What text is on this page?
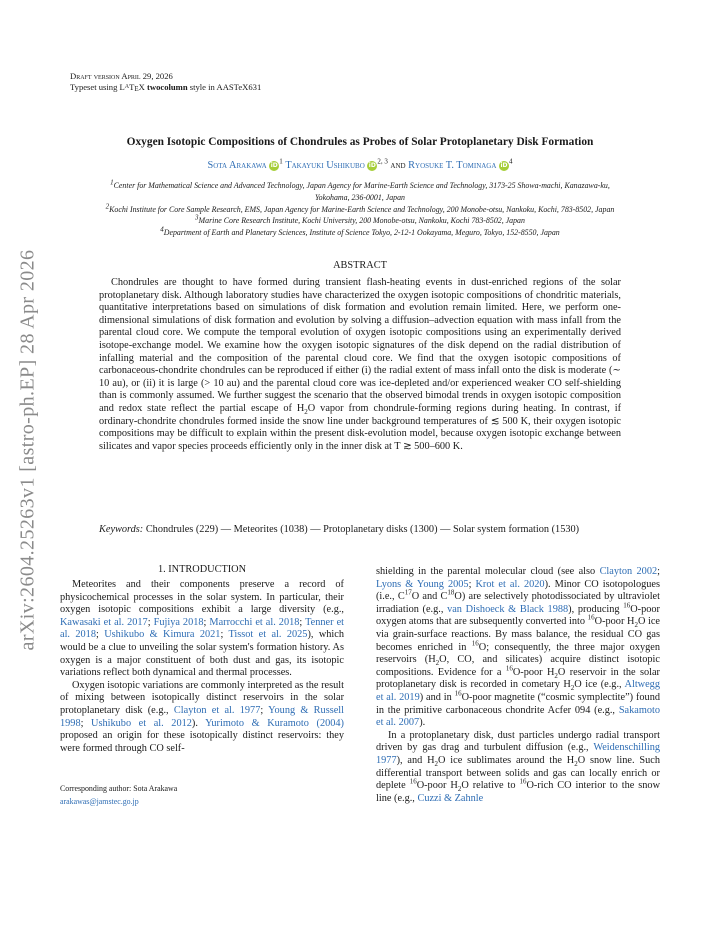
Draft version April 29, 2026
Typeset using $L^AT_EX$ twocolumn style in AASTeX631
arXiv:2604.25263v1 [astro-ph.EP] 28 Apr 2026
Oxygen Isotopic Compositions of Chondrules as Probes of Solar Protoplanetary Disk Formation
Sota Arakawa $iD^1$ Takayuki Ushikubo iD$^{2, 3}$ and Ryosuke T. Tominaga $iD^4$
$^1$Center for Mathematical Science and Advanced Technology, Japan Agency for Marine-Earth Science and Technology, 3173-25 Showa-machi, Kanazawa-ku,
Yokohama, 236-0001, Japan
$^2$Kochi Institute for Core Sample Research, EMS, Japan Agency for Marine-Earth Science and Technology, 200 Monobe-otsu, Nankoku, Kochi, 783-8502, Japan
$^3$Marine Core Research Institute, Kochi University, 200 Monobe-otsu, Nankoku, Kochi 783-8502, Japan
$^4$Department of Earth and Planetary Sciences, Institute of Science Tokyo, 2-12-1 Ookayama, Meguro, Tokyo, 152-8550, Japan
ABSTRACT
Chondrules are thought to have formed during transient flash-heating events in dust-enriched regions of the solar protoplanetary disk. Although laboratory studies have characterized the oxygen isotopic compositions of chondritic materials, quantitative interpretations based on simulations of disk formation and evolution remain limited. Here, we perform one-dimensional simulations of disk formation and evolution by solving a diffusion–advection equation with mass infall from the parental cloud core. We compute the temporal evolution of oxygen isotopic compositions using an experimentally derived isotope-exchange model. We examine how the oxygen isotopic signatures of the disk depend on the radial distribution of infalling material and the composition of the parental cloud core. We find that the oxygen isotopic compositions of carbonaceous-chondrite chondrules can be reproduced if either (i) the radial extent of mass infall onto the disk is moderate (∼ 10 au), or (ii) it is large (> 10 au) and the parental cloud core was ice-depleted and/or experienced weaker CO self-shielding than is commonly assumed. We further suggest the scenario that the observed bimodal trends in oxygen isotopic composition and redox state reflect the partial escape of $H_2O$ vapor from chondrule-forming regions during heating. In contrast, if ordinary-chondrite chondrules formed inside the snow line under background temperatures of ≲ 500 K, their oxygen isotopic compositions may be difficult to explain within the present disk-evolution model, because oxygen isotopic exchange between silicates and vapor species proceeds efficiently only in the inner disk at T ≳ 500–600 K.
Keywords: Chondrules (229) — Meteorites (1038) — Protoplanetary disks (1300) — Solar system formation (1530)
1. INTRODUCTION
Meteorites and their components preserve a record of physicochemical processes in the solar system. In particular, their oxygen isotopic compositions exhibit a large diversity (e.g., Kawasaki et al. 2017; Fujiya 2018; Marrocchi et al. 2018; Tenner et al. 2018; Ushikubo & Kimura 2021; Tissot et al. 2025), which would be a clue to unveiling the solar system's formation history. As oxygen is a major constituent of both dust and gas, its isotopic variations reflect both dynamical and thermal processes.
Oxygen isotopic variations are commonly interpreted as the result of mixing between isotopically distinct reservoirs in the solar protoplanetary disk (e.g., Clayton et al. 1977; Young & Russell 1998; Ushikubo et al. 2012). Yurimoto & Kuramoto (2004) proposed an origin for these isotopically distinct reservoirs: they were formed through CO self-
Corresponding author: Sota Arakawa
arakawas@jamstec.go.jp
shielding in the parental molecular cloud (see also Clayton 2002; Lyons & Young 2005; Krot et al. 2020). Minor CO isotopologues (i.e., $C^{17}O$ and $C^{18}O$) are selectively photodissociated by ultraviolet irradiation (e.g., van Dishoeck & Black 1988), producing $^{16}$O-poor oxygen atoms that are subsequently converted into $^{16}$O-poor $H_2O$ ice via grain-surface reactions. By mass balance, the residual CO gas becomes enriched in $^{16}$O; consequently, the three major oxygen reservoirs ($H_2O$, CO, and silicates) acquire distinct isotopic compositions. Evidence for a $^{16}$O-poor $H_2O$ reservoir in the solar protoplanetary disk is recorded in cometary $H_2O$ ice (e.g., Altwegg et al. 2019) and in $^{16}$O-poor magnetite (“cosmic symplectite”) found in the primitive carbonaceous chondrite Acfer 094 (e.g., Sakamoto et al. 2007).
In a protoplanetary disk, dust particles undergo radial transport driven by gas drag and turbulent diffusion (e.g., Weidenschilling 1977), and $H_2O$ ice sublimates around the $H_2O$ snow line. Such differential transport between solids and gas can locally enrich or deplete $^{16}$O-poor $H_2O$ relative to $^{16}$O-rich CO interior to the snow line (e.g., Cuzzi & Zahnle
